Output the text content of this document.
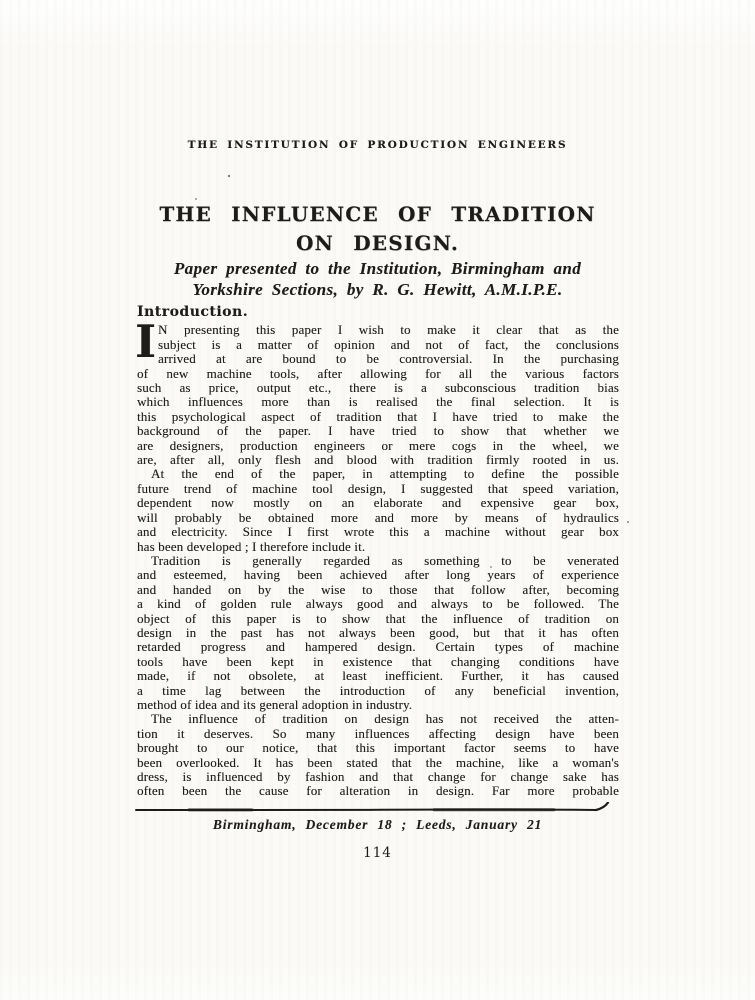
THE INSTITUTION OF PRODUCTION ENGINEERS
THE INFLUENCE OF TRADITION
ON DESIGN.
Paper presented to the Institution, Birmingham and
Yorkshire Sections, by R. G. Hewitt, A.M.I.P.E.
Introduction.
I N presenting this paper I wish to make it clear that as the
subject is a matter of opinion and not of fact, the conclusions
arrived at are bound to be controversial. In the purchasing
of new machine tools, after allowing for all the various factors
such as price, output etc., there is a subconscious tradition bias
which influences more than is realised the final selection. It is
this psychological aspect of tradition that I have tried to make the
background of the paper. I have tried to show that whether we
are designers, production engineers or mere cogs in the wheel, we
are, after all, only flesh and blood with tradition firmly rooted in us.
At the end of the paper, in attempting to define the possible
future trend of machine tool design, I suggested that speed variation,
dependent now mostly on an elaborate and expensive gear box,
will probably be obtained more and more by means of hydraulics
and electricity. Since I first wrote this a machine without gear box
has been developed ; I therefore include it.
Tradition is generally regarded as something to be venerated
and esteemed, having been achieved after long years of experience
and handed on by the wise to those that follow after, becoming
a kind of golden rule always good and always to be followed. The
object of this paper is to show that the influence of tradition on
design in the past has not always been good, but that it has often
retarded progress and hampered design. Certain types of machine
tools have been kept in existence that changing conditions have
made, if not obsolete, at least inefficient. Further, it has caused
a time lag between the introduction of any beneficial invention,
method of idea and its general adoption in industry.
The influence of tradition on design has not received the atten-
tion it deserves. So many influences affecting design have been
brought to our notice, that this important factor seems to have
been overlooked. It has been stated that the machine, like a woman's
dress, is influenced by fashion and that change for change sake has
often been the cause for alteration in design. Far more probable
Birmingham, December 18 ; Leeds, January 21
114
